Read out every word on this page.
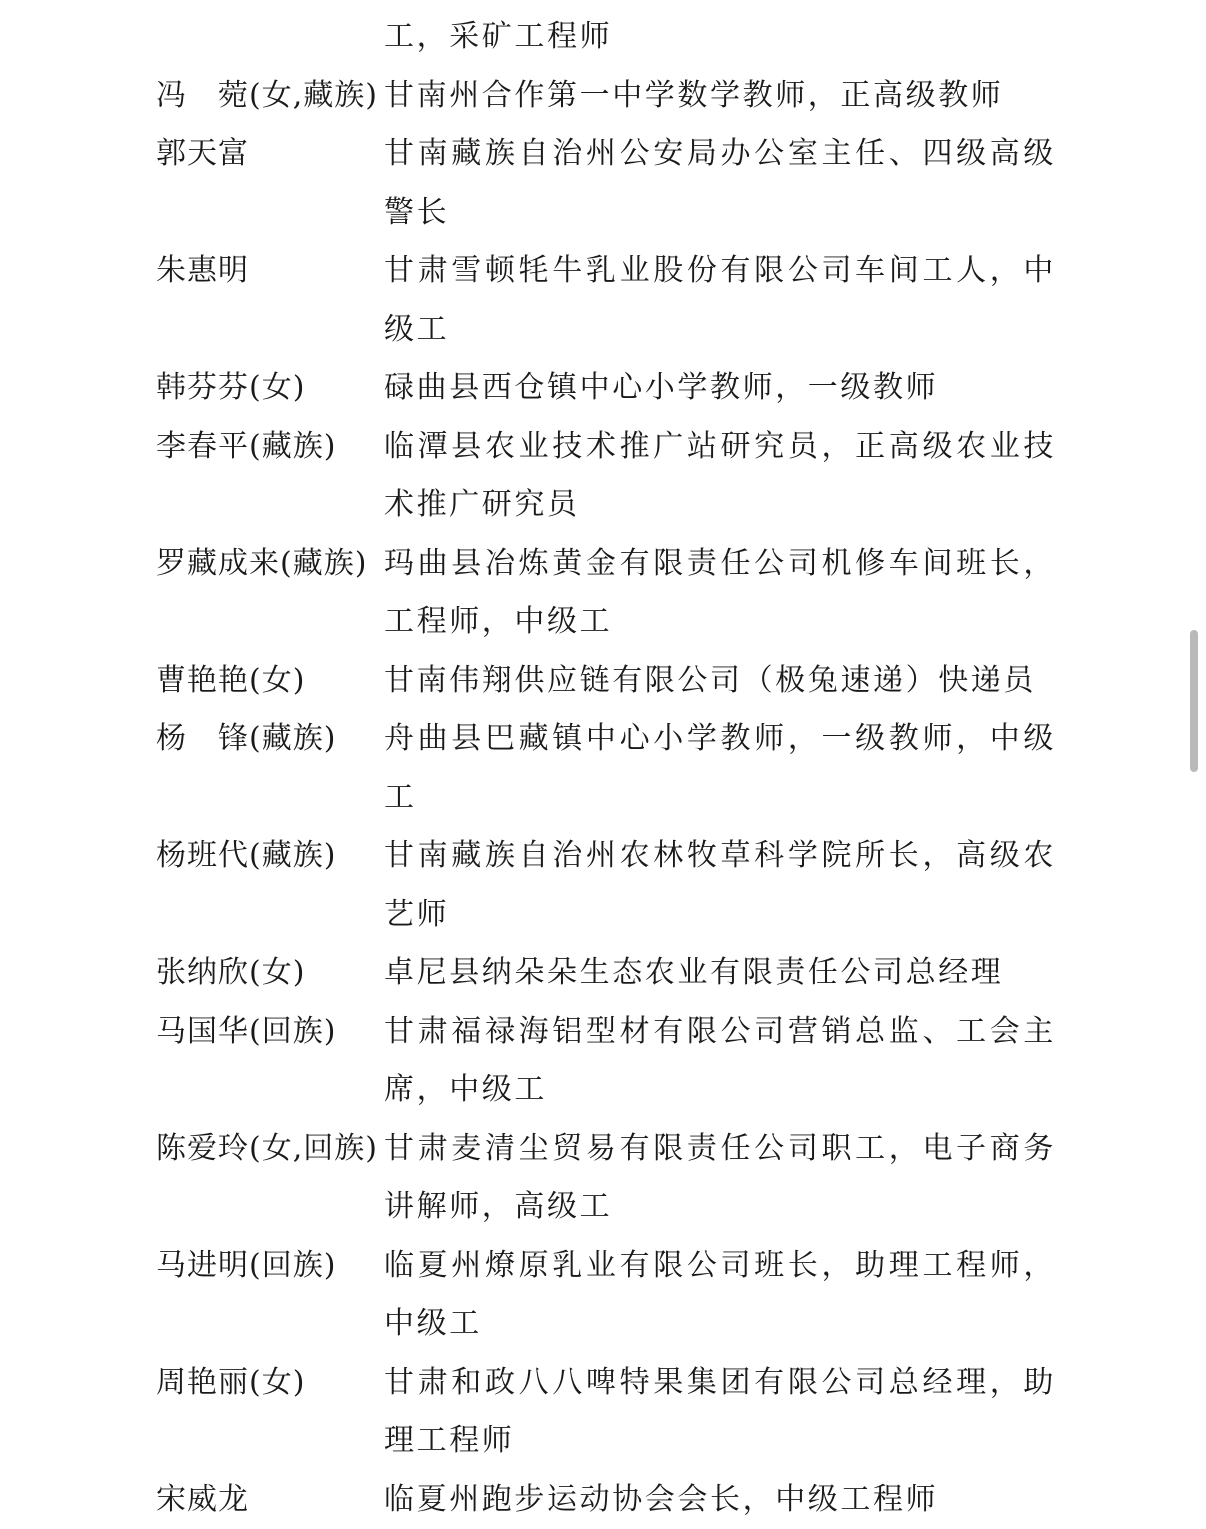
工，采矿工程师
冯　菀(女,藏族) 甘南州合作第一中学数学教师，正高级教师
郭天富	甘南藏族自治州公安局办公室主任、四级高级警长
朱惠明	甘肃雪顿牦牛乳业股份有限公司车间工人，中级工
韩芬芬(女)	碌曲县西仓镇中心小学教师，一级教师
李春平(藏族)	临潭县农业技术推广站研究员，正高级农业技术推广研究员
罗藏成来(藏族) 玛曲县冶炼黄金有限责任公司机修车间班长，工程师，中级工
曹艳艳(女)	甘南伟翔供应链有限公司（极兔速递）快递员
杨　锋(藏族)	舟曲县巴藏镇中心小学教师，一级教师，中级工
杨班代(藏族)	甘南藏族自治州农林牧草科学院所长，高级农艺师
张纳欣(女)	卓尼县纳朵朵生态农业有限责任公司总经理
马国华(回族)	甘肃福禄海铝型材有限公司营销总监、工会主席，中级工
陈爱玲(女,回族) 甘肃麦清尘贸易有限责任公司职工，电子商务讲解师，高级工
马进明(回族)	临夏州燎原乳业有限公司班长，助理工程师，中级工
周艳丽(女)	甘肃和政八八啤特果集团有限公司总经理，助理工程师
宋威龙	临夏州跑步运动协会会长，中级工程师
